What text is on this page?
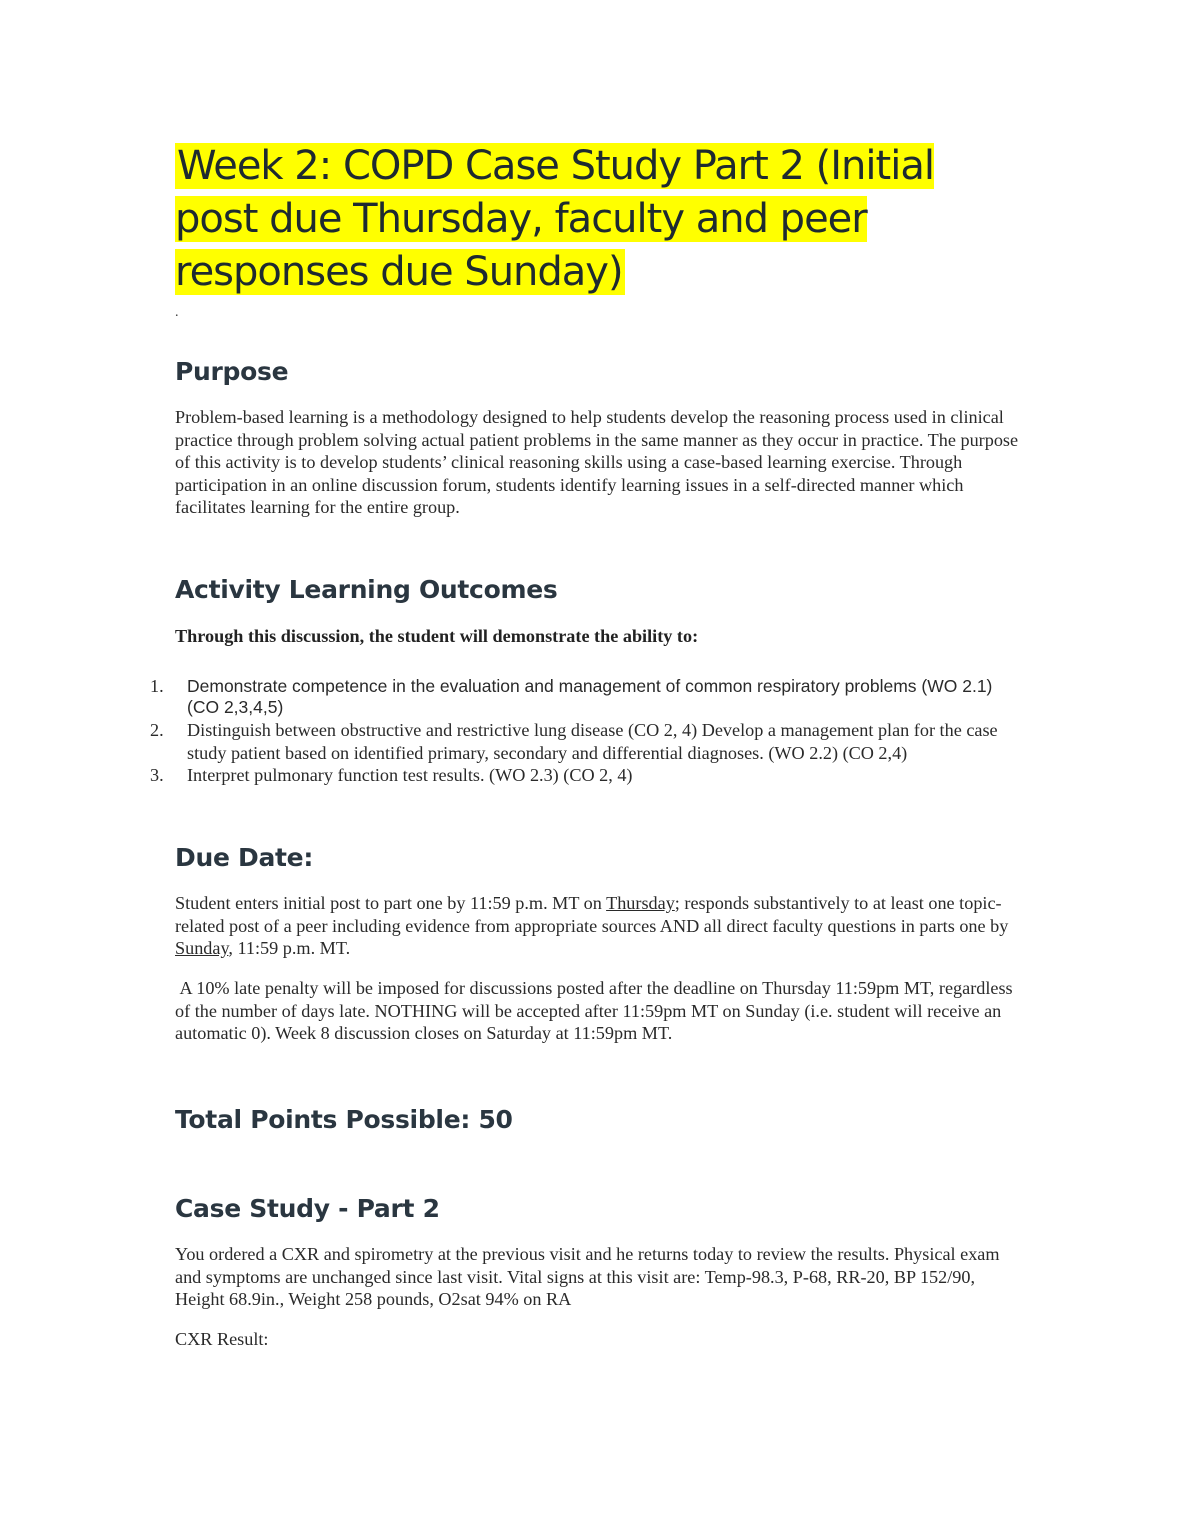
Week 2: COPD Case Study Part 2 (Initial post due Thursday, faculty and peer responses due Sunday)
.
Purpose

Problem-based learning is a methodology designed to help students develop the reasoning process used in clinical practice through problem solving actual patient problems in the same manner as they occur in practice. The purpose of this activity is to develop students’ clinical reasoning skills using a case-based learning exercise. Through participation in an online discussion forum, students identify learning issues in a self-directed manner which facilitates learning for the entire group.

Activity Learning Outcomes

Through this discussion, the student will demonstrate the ability to:

1. Demonstrate competence in the evaluation and management of common respiratory problems (WO 2.1) (CO 2,3,4,5)
2. Distinguish between obstructive and restrictive lung disease (CO 2, 4) Develop a management plan for the case study patient based on identified primary, secondary and differential diagnoses. (WO 2.2) (CO 2,4)
3. Interpret pulmonary function test results. (WO 2.3) (CO 2, 4)
Due Date:

Student enters initial post to part one by 11:59 p.m. MT on Thursday; responds substantively to at least one topic-related post of a peer including evidence from appropriate sources AND all direct faculty questions in parts one by Sunday, 11:59 p.m. MT.

A 10% late penalty will be imposed for discussions posted after the deadline on Thursday 11:59pm MT, regardless of the number of days late. NOTHING will be accepted after 11:59pm MT on Sunday (i.e. student will receive an automatic 0). Week 8 discussion closes on Saturday at 11:59pm MT.

Total Points Possible: 50
Case Study - Part 2

You ordered a CXR and spirometry at the previous visit and he returns today to review the results. Physical exam and symptoms are unchanged since last visit. Vital signs at this visit are: Temp-98.3, P-68, RR-20, BP 152/90, Height 68.9in., Weight 258 pounds, O2sat 94% on RA

CXR Result:
